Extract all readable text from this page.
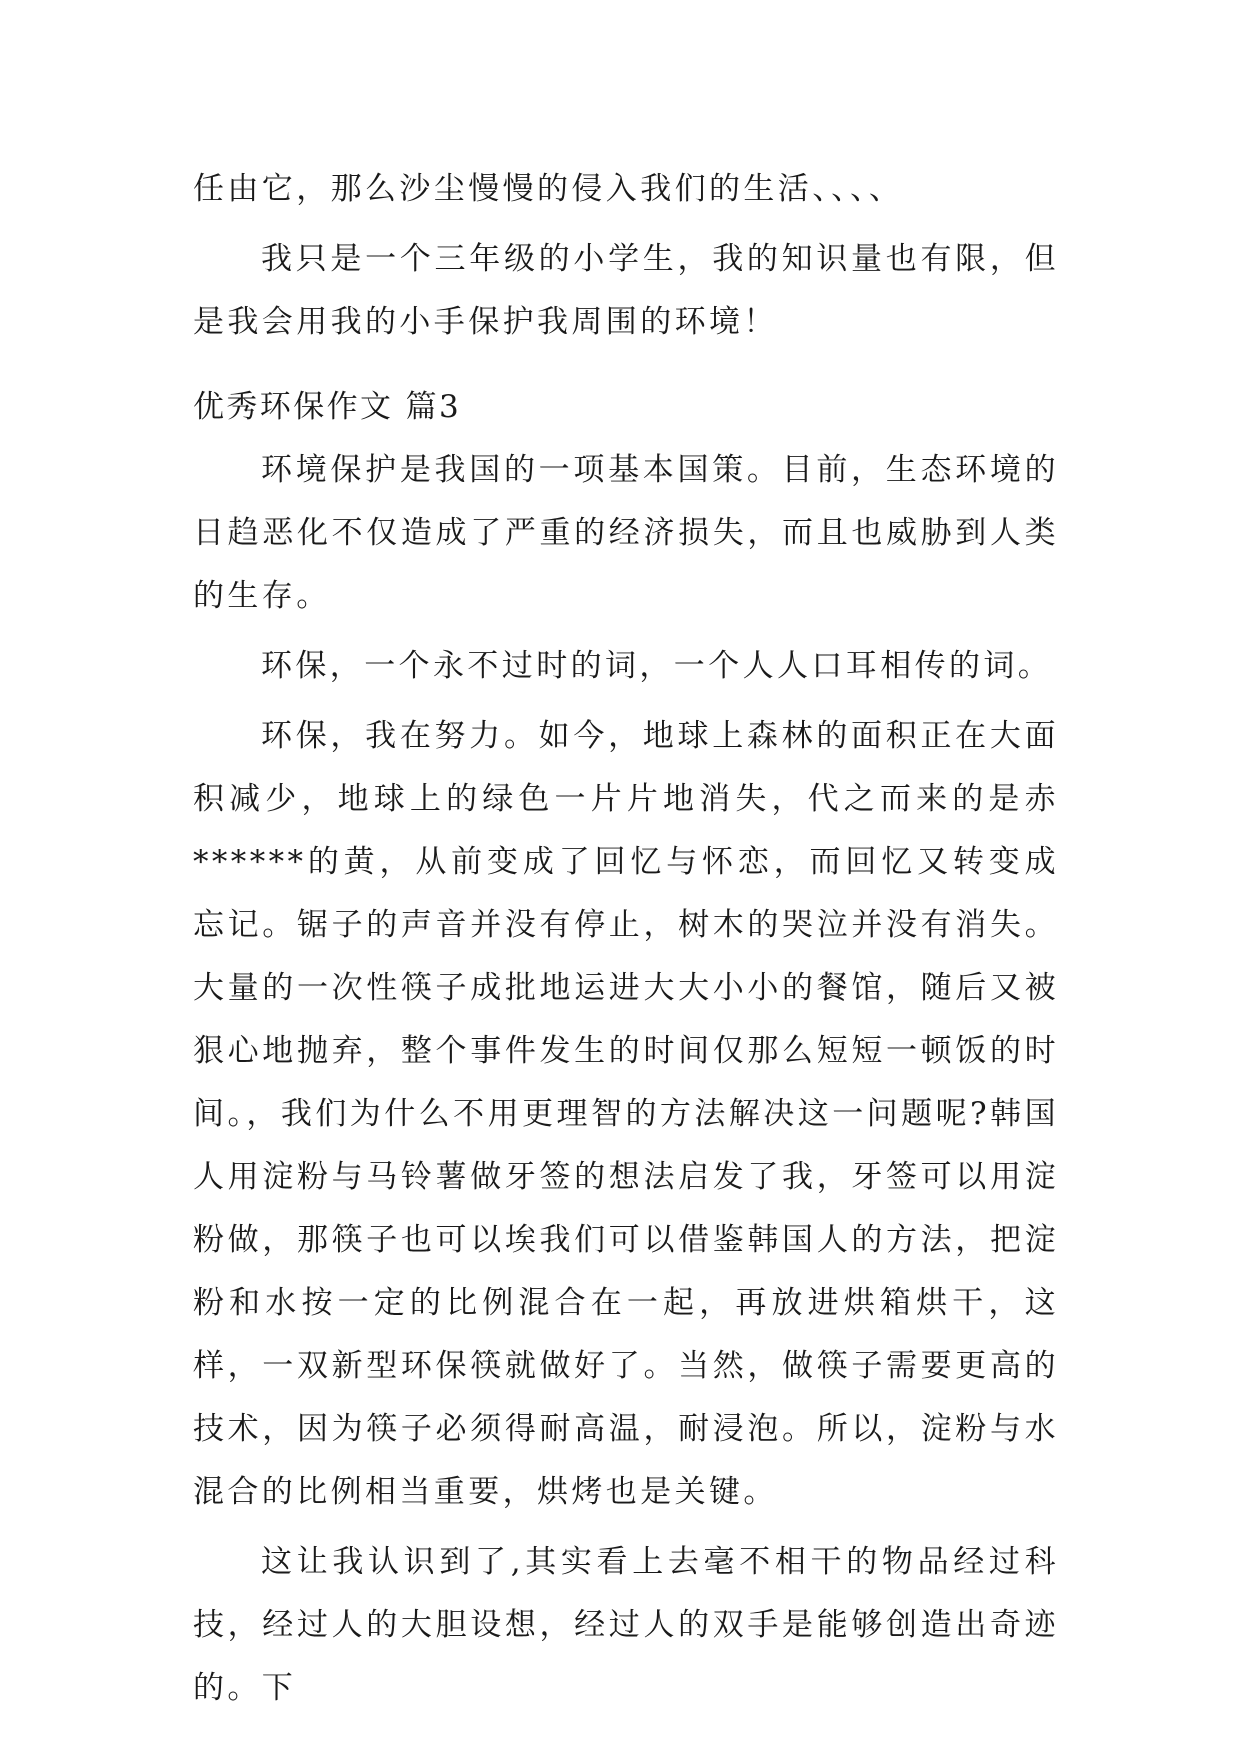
任由它，那么沙尘慢慢的侵入我们的生活、、、、

我只是一个三年级的小学生，我的知识量也有限，但是我会用我的小手保护我周围的环境！

优秀环保作文 篇3

环境保护是我国的一项基本国策。目前，生态环境的日趋恶化不仅造成了严重的经济损失，而且也威胁到人类的生存。

环保，一个永不过时的词，一个人人口耳相传的词。

环保，我在努力。如今，地球上森林的面积正在大面积减少，地球上的绿色一片片地消失，代之而来的是赤******的黄，从前变成了回忆与怀恋，而回忆又转变成忘记。锯子的声音并没有停止，树木的哭泣并没有消失。大量的一次性筷子成批地运进大大小小的餐馆，随后又被狠心地抛弃，整个事件发生的时间仅那么短短一顿饭的时间。，我们为什么不用更理智的方法解决这一问题呢?韩国人用淀粉与马铃薯做牙签的想法启发了我，牙签可以用淀粉做，那筷子也可以埃我们可以借鉴韩国人的方法，把淀粉和水按一定的比例混合在一起，再放进烘箱烘干，这样，一双新型环保筷就做好了。当然，做筷子需要更高的技术，因为筷子必须得耐高温，耐浸泡。所以，淀粉与水混合的比例相当重要，烘烤也是关键。

这让我认识到了,其实看上去毫不相干的物品经过科技，经过人的大胆设想，经过人的双手是能够创造出奇迹的。下
